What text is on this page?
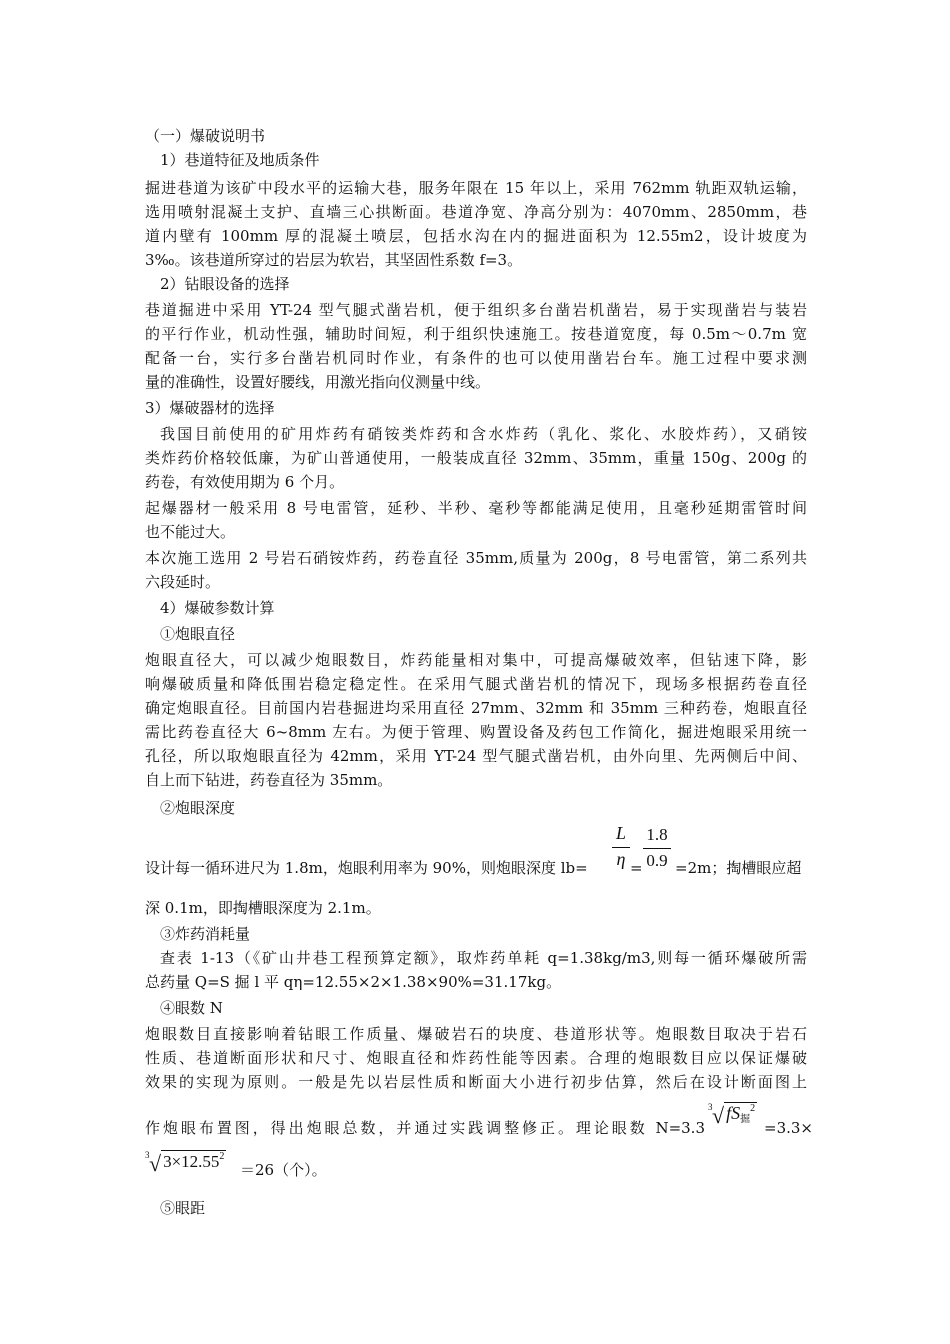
（一）爆破说明书
1）巷道特征及地质条件
掘进巷道为该矿中段水平的运输大巷，服务年限在 15 年以上，采用 762mm 轨距双轨运输，
选用喷射混凝土支护、直墙三心拱断面。巷道净宽、净高分别为：4070mm、2850mm，巷
道内壁有 100mm 厚的混凝土喷层，包括水沟在内的掘进面积为 12.55m2，设计坡度为
3‰。该巷道所穿过的岩层为软岩，其坚固性系数 f=3。
2）钻眼设备的选择
巷道掘进中采用 YT-24 型气腿式凿岩机，便于组织多台凿岩机凿岩，易于实现凿岩与装岩
的平行作业，机动性强，辅助时间短，利于组织快速施工。按巷道宽度，每 0.5m～0.7m 宽
配备一台，实行多台凿岩机同时作业，有条件的也可以使用凿岩台车。施工过程中要求测
量的准确性，设置好腰线，用激光指向仪测量中线。
3）爆破器材的选择
我国目前使用的矿用炸药有硝铵类炸药和含水炸药（乳化、浆化、水胶炸药），又硝铵
类炸药价格较低廉，为矿山普通使用，一般装成直径 32mm、35mm，重量 150g、200g 的
药卷，有效使用期为 6 个月。
起爆器材一般采用 8 号电雷管，延秒、半秒、毫秒等都能满足使用，且毫秒延期雷管时间
也不能过大。
本次施工选用 2 号岩石硝铵炸药，药卷直径 35mm,质量为 200g，8 号电雷管，第二系列共
六段延时。
4）爆破参数计算
①炮眼直径
炮眼直径大，可以减少炮眼数目，炸药能量相对集中，可提高爆破效率，但钻速下降，影
响爆破质量和降低围岩稳定稳定性。在采用气腿式凿岩机的情况下，现场多根据药卷直径
确定炮眼直径。目前国内岩巷掘进均采用直径 27mm、32mm 和 35mm 三种药卷，炮眼直径
需比药卷直径大 6~8mm 左右。为便于管理、购置设备及药包工作简化，掘进炮眼采用统一
孔径，所以取炮眼直径为 42mm，采用 YT-24 型气腿式凿岩机，由外向里、先两侧后中间、
自上而下钻进，药卷直径为 35mm。
②炮眼深度
L
η
1.8
0.9
设计每一循环进尺为 1.8m，炮眼利用率为 90%，则炮眼深度 lb=	= =2m；掏槽眼应超
深 0.1m，即掏槽眼深度为 2.1m。
③炸药消耗量
查表 1-13（《矿山井巷工程预算定额》，取炸药单耗 q=1.38kg/m3,则每一循环爆破所需
总药量 Q=S 掘 l 平 qη=12.55×2×1.38×90%=31.17kg。
④眼数 N
炮眼数目直接影响着钻眼工作质量、爆破岩石的块度、巷道形状等。炮眼数目取决于岩石
性质、巷道断面形状和尺寸、炮眼直径和炸药性能等因素。合理的炮眼数目应以保证爆破
效果的实现为原则。一般是先以岩层性质和断面大小进行初步估算，然后在设计断面图上
作炮眼布置图，得出炮眼总数，并通过实践调整修正。理论眼数 N=3.3
3 √ $fS_掘^2$
=3.3×
3 √ $3\times 12.55^2$
＝26（个）。
⑤眼距
